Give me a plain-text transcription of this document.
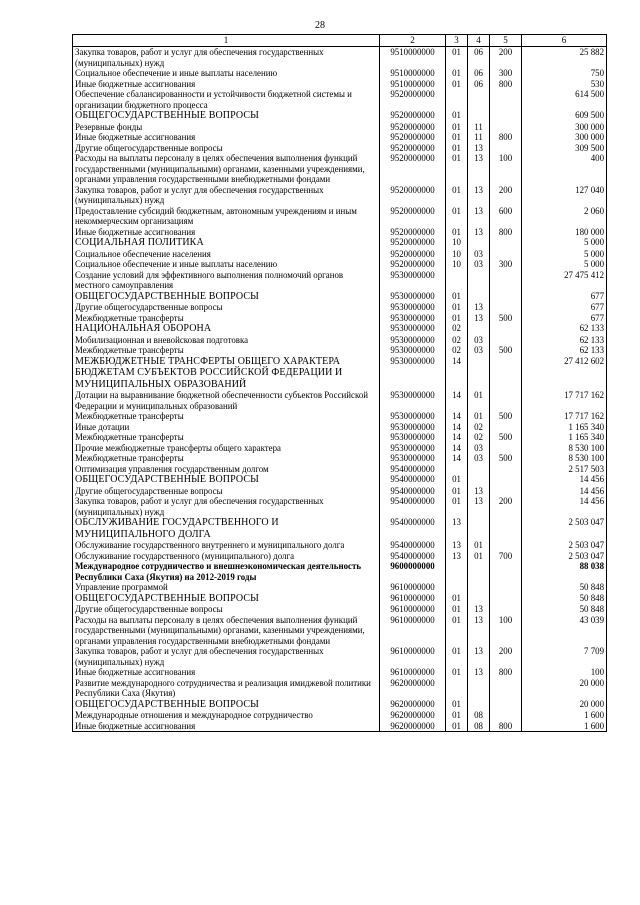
28
1	2	3	4	5	6
Закупка товаров, работ и услуг для обеспечения государственных (муниципальных) нужд	9510000000	01	06	200	25 882
Социальное обеспечение и иные выплаты населению	9510000000	01	06	300	750
Иные бюджетные ассигнования	9510000000	01	06	800	530
Обеспечение сбалансированности и устойчивости бюджетной системы и организации бюджетного процесса	9520000000				614 500
ОБЩЕГОСУДАРСТВЕННЫЕ ВОПРОСЫ	9520000000	01			609 500
Резервные фонды	9520000000	01	11		300 000
Иные бюджетные ассигнования	9520000000	01	11	800	300 000
Другие общегосударственные вопросы	9520000000	01	13		309 500
Расходы на выплаты персоналу в целях обеспечения выполнения функций государственными (муниципальными) органами, казенными учреждениями, органами управления государственными внебюджетными фондами	9520000000	01	13	100	400
Закупка товаров, работ и услуг для обеспечения государственных (муниципальных) нужд	9520000000	01	13	200	127 040
Предоставление субсидий бюджетным, автономным учреждениям и иным некоммерческим организациям	9520000000	01	13	600	2 060
Иные бюджетные ассигнования	9520000000	01	13	800	180 000
СОЦИАЛЬНАЯ ПОЛИТИКА	9520000000	10			5 000
Социальное обеспечение населения	9520000000	10	03		5 000
Социальное обеспечение и иные выплаты населению	9520000000	10	03	300	5 000
Создание условий для эффективного выполнения полномочий органов местного самоуправления	9530000000				27 475 412
ОБЩЕГОСУДАРСТВЕННЫЕ ВОПРОСЫ	9530000000	01			677
Другие общегосударственные вопросы	9530000000	01	13		677
Межбюджетные трансферты	9530000000	01	13	500	677
НАЦИОНАЛЬНАЯ ОБОРОНА	9530000000	02			62 133
Мобилизационная и вневойсковая подготовка	9530000000	02	03		62 133
Межбюджетные трансферты	9530000000	02	03	500	62 133
МЕЖБЮДЖЕТНЫЕ ТРАНСФЕРТЫ ОБЩЕГО ХАРАКТЕРА БЮДЖЕТАМ СУБЪЕКТОВ РОССИЙСКОЙ ФЕДЕРАЦИИ И МУНИЦИПАЛЬНЫХ ОБРАЗОВАНИЙ	9530000000	14			27 412 602
Дотации на выравнивание бюджетной обеспеченности субъектов Российской Федерации и муниципальных образований	9530000000	14	01		17 717 162
Межбюджетные трансферты	9530000000	14	01	500	17 717 162
Иные дотации	9530000000	14	02		1 165 340
Межбюджетные трансферты	9530000000	14	02	500	1 165 340
Прочие межбюджетные трансферты общего характера	9530000000	14	03		8 530 100
Межбюджетные трансферты	9530000000	14	03	500	8 530 100
Оптимизация управления государственным долгом	9540000000				2 517 503
ОБЩЕГОСУДАРСТВЕННЫЕ ВОПРОСЫ	9540000000	01			14 456
Другие общегосударственные вопросы	9540000000	01	13		14 456
Закупка товаров, работ и услуг для обеспечения государственных (муниципальных) нужд	9540000000	01	13	200	14 456
ОБСЛУЖИВАНИЕ ГОСУДАРСТВЕННОГО И МУНИЦИПАЛЬНОГО ДОЛГА	9540000000	13			2 503 047
Обслуживание государственного внутреннего и муниципального долга	9540000000	13	01		2 503 047
Обслуживание государственного (муниципального) долга	9540000000	13	01	700	2 503 047
Международное сотрудничество и внешнеэкономическая деятельность Республики Саха (Якутия) на 2012-2019 годы	9600000000				88 038
Управление программой	9610000000				50 848
ОБЩЕГОСУДАРСТВЕННЫЕ ВОПРОСЫ	9610000000	01			50 848
Другие общегосударственные вопросы	9610000000	01	13		50 848
Расходы на выплаты персоналу в целях обеспечения выполнения функций государственными (муниципальными) органами, казенными учреждениями, органами управления государственными внебюджетными фондами	9610000000	01	13	100	43 039
Закупка товаров, работ и услуг для обеспечения государственных (муниципальных) нужд	9610000000	01	13	200	7 709
Иные бюджетные ассигнования	9610000000	01	13	800	100
Развитие международного сотрудничества и реализация имиджевой политики Республики Саха (Якутия)	9620000000				20 000
ОБЩЕГОСУДАРСТВЕННЫЕ ВОПРОСЫ	9620000000	01			20 000
Международные отношения и международное сотрудничество	9620000000	01	08		1 600
Иные бюджетные ассигнования	9620000000	01	08	800	1 600
